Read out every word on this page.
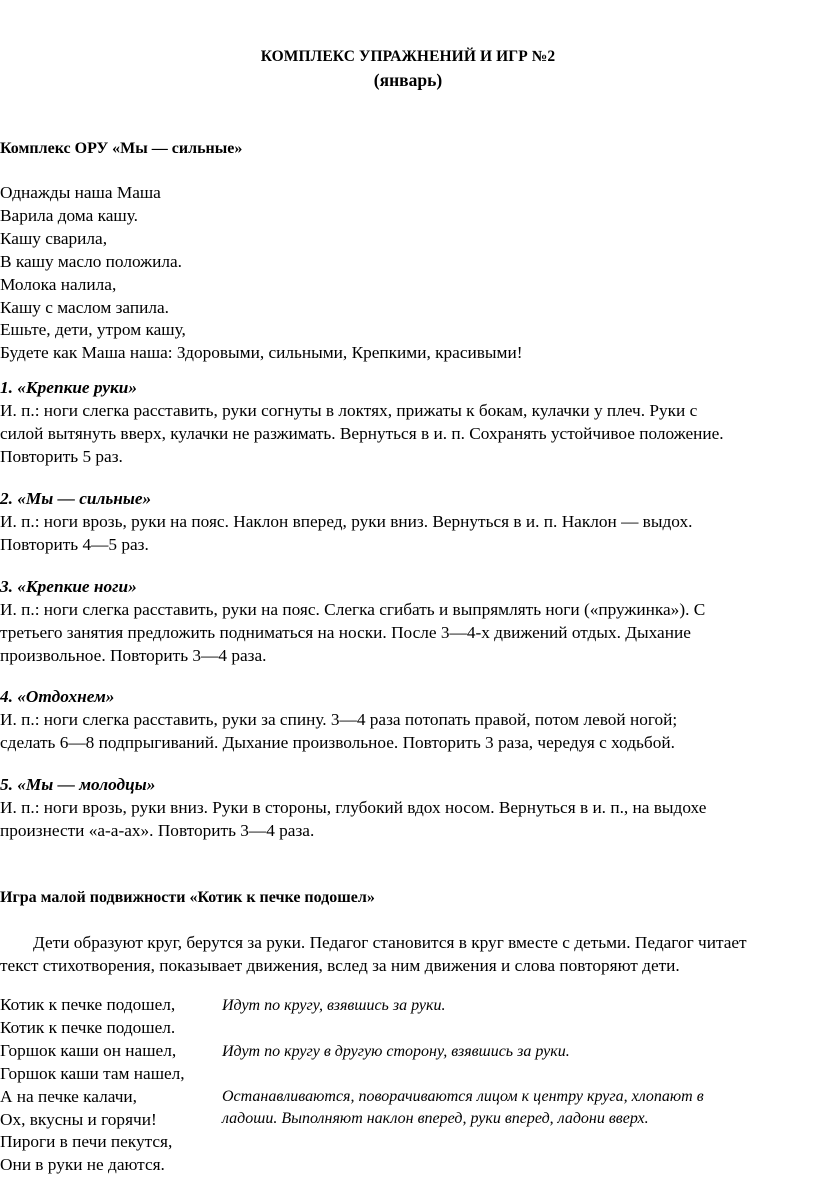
КОМПЛЕКС УПРАЖНЕНИЙ И ИГР №2
(январь)
Комплекс ОРУ «Мы — сильные»
Однажды наша Маша
Варила дома кашу.
Кашу сварила,
В кашу масло положила.
Молока налила,
Кашу с маслом запила.
Ешьте, дети, утром кашу,
Будете как Маша наша: Здоровыми, сильными, Крепкими, красивыми!
1. «Крепкие руки»
И. п.: ноги слегка расставить, руки согнуты в локтях, прижаты к бокам, кулачки у плеч. Руки с
силой вытянуть вверх, кулачки не разжимать. Вернуться в и. п. Сохранять устойчивое положение.
Повторить 5 раз.
2. «Мы — сильные»
И. п.: ноги врозь, руки на пояс. Наклон вперед, руки вниз. Вернуться в и. п. Наклон — выдох.
Повторить 4—5 раз.
3. «Крепкие ноги»
И. п.: ноги слегка расставить, руки на пояс. Слегка сгибать и выпрямлять ноги («пружинка»). С
третьего занятия предложить подниматься на носки. После 3—4-х движений отдых. Дыхание
произвольное. Повторить 3—4 раза.
4. «Отдохнем»
И. п.: ноги слегка расставить, руки за спину. 3—4 раза потопать правой, потом левой ногой;
сделать 6—8 подпрыгиваний. Дыхание произвольное. Повторить 3 раза, чередуя с ходьбой.
5. «Мы — молодцы»
И. п.: ноги врозь, руки вниз. Руки в стороны, глубокий вдох носом. Вернуться в и. п., на выдохе
произнести «а-а-ах». Повторить 3—4 раза.
Игра малой подвижности «Котик к печке подошел»
Дети образуют круг, берутся за руки. Педагог становится в круг вместе с детьми. Педагог читает
текст стихотворения, показывает движения, вслед за ним движения и слова повторяют дети.
Котик к печке подошел,
Котик к печке подошел.
Горшок каши он нашел,
Горшок каши там нашел,
А на печке калачи,
Ох, вкусны и горячи!
Пироги в печи пекутся,
Они в руки не даются.
Идут по кругу, взявшись за руки.
Идут по кругу в другую сторону, взявшись за руки.
Останавливаются, поворачиваются лицом к центру круга, хлопают в
ладоши. Выполняют наклон вперед, руки вперед, ладони вверх.
